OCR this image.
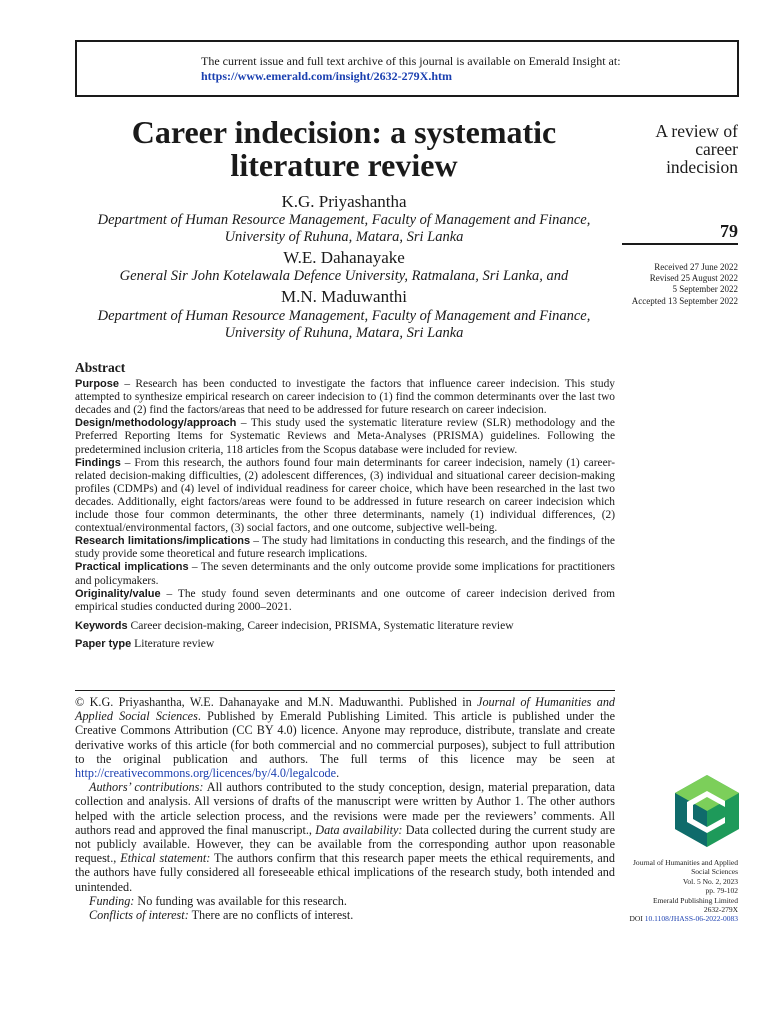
The current issue and full text archive of this journal is available on Emerald Insight at:
https://www.emerald.com/insight/2632-279X.htm
Career indecision: a systematic
literature review
K.G. Priyashantha
Department of Human Resource Management, Faculty of Management and Finance,
University of Ruhuna, Matara, Sri Lanka
W.E. Dahanayake
General Sir John Kotelawala Defence University, Ratmalana, Sri Lanka, and
M.N. Maduwanthi
Department of Human Resource Management, Faculty of Management and Finance,
University of Ruhuna, Matara, Sri Lanka
A review of
career
indecision
79
Received 27 June 2022
Revised 25 August 2022
5 September 2022
Accepted 13 September 2022
Abstract

Purpose – Research has been conducted to investigate the factors that influence career indecision. This study attempted to synthesize empirical research on career indecision to (1) find the common determinants over the last two decades and (2) find the factors/areas that need to be addressed for future research on career indecision.

Design/methodology/approach – This study used the systematic literature review (SLR) methodology and the Preferred Reporting Items for Systematic Reviews and Meta-Analyses (PRISMA) guidelines. Following the predetermined inclusion criteria, 118 articles from the Scopus database were included for review.

Findings – From this research, the authors found four main determinants for career indecision, namely (1) career-related decision-making difficulties, (2) adolescent differences, (3) individual and situational career decision-making profiles (CDMPs) and (4) level of individual readiness for career choice, which have been researched in the last two decades. Additionally, eight factors/areas were found to be addressed in future research on career indecision which include those four common determinants, the other three determinants, namely (1) individual differences, (2) contextual/environmental factors, (3) social factors, and one outcome, subjective well-being.

Research limitations/implications – The study had limitations in conducting this research, and the findings of the study provide some theoretical and future research implications.

Practical implications – The seven determinants and the only outcome provide some implications for practitioners and policymakers.

Originality/value – The study found seven determinants and one outcome of career indecision derived from empirical studies conducted during 2000–2021.

Keywords Career decision-making, Career indecision, PRISMA, Systematic literature review

Paper type Literature review

© K.G. Priyashantha, W.E. Dahanayake and M.N. Maduwanthi. Published in Journal of Humanities and Applied Social Sciences. Published by Emerald Publishing Limited. This article is published under the Creative Commons Attribution (CC BY 4.0) licence. Anyone may reproduce, distribute, translate and create derivative works of this article (for both commercial and no commercial purposes), subject to full attribution to the original publication and authors. The full terms of this licence may be seen at http://creativecommons.org/licences/by/4.0/legalcode.

Authors’ contributions: All authors contributed to the study conception, design, material preparation, data collection and analysis. All versions of drafts of the manuscript were written by Author 1. The other authors helped with the article selection process, and the revisions were made per the reviewers’ comments. All authors read and approved the final manuscript., Data availability: Data collected during the current study are not publicly available. However, they can be available from the corresponding author upon reasonable request., Ethical statement: The authors confirm that this research paper meets the ethical requirements, and the authors have fully considered all foreseeable ethical implications of the research study, both intended and unintended.

Funding: No funding was available for this research.

Conflicts of interest: There are no conflicts of interest.

Journal of Humanities and Applied
Social Sciences
Vol. 5 No. 2, 2023
pp. 79-102
Emerald Publishing Limited
2632-279X
DOI 10.1108/JHASS-06-2022-0083
